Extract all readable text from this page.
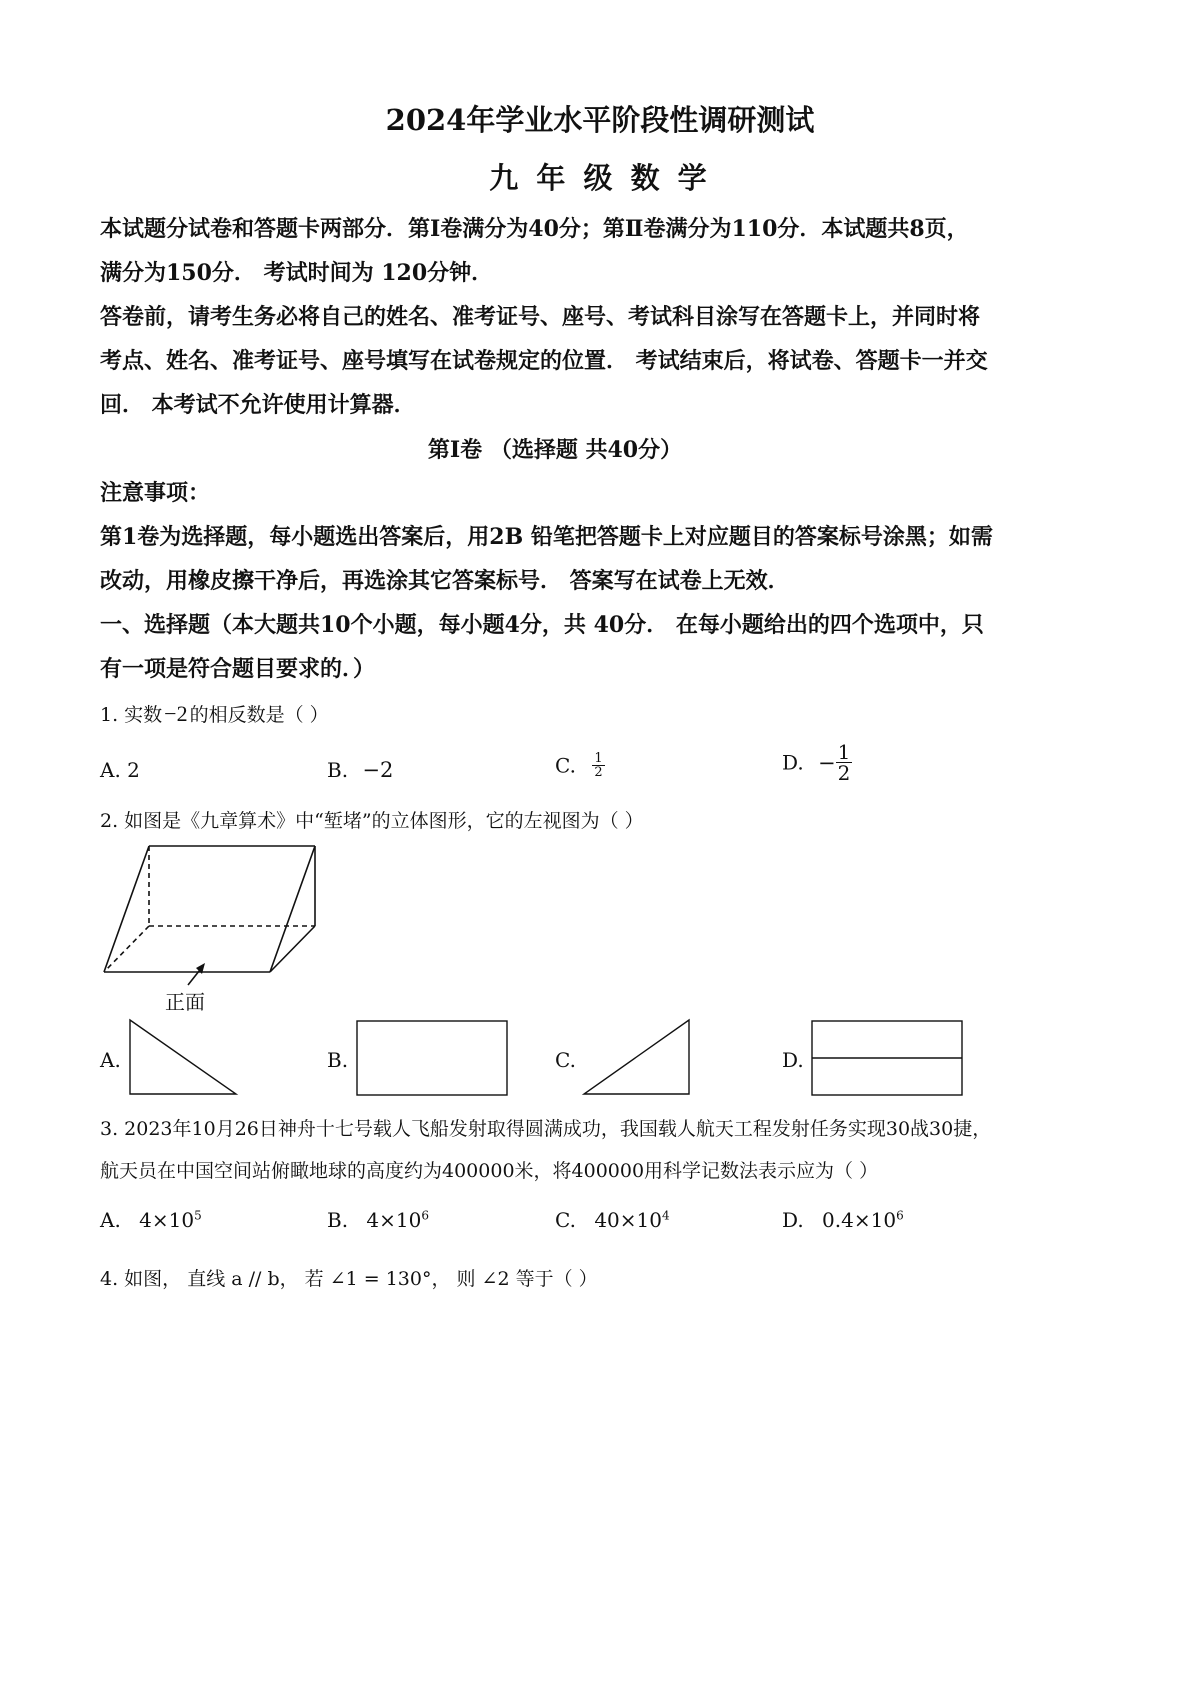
2024年学业水平阶段性调研测试
九 年 级 数 学
本试题分试卷和答题卡两部分．第Ⅰ卷满分为40分；第Ⅱ卷满分为110分．本试题共8页，
满分为150分． 考试时间为 120分钟．
答卷前，请考生务必将自己的姓名、准考证号、座号、考试科目涂写在答题卡上，并同时将
考点、姓名、准考证号、座号填写在试卷规定的位置． 考试结束后，将试卷、答题卡一并交
回． 本考试不允许使用计算器．
第Ⅰ卷 （选择题 共40分）
注意事项：
第1卷为选择题，每小题选出答案后，用2B 铅笔把答题卡上对应题目的答案标号涂黑；如需
改动，用橡皮擦干净后，再选涂其它答案标号． 答案写在试卷上无效．
一、选择题（本大题共10个小题，每小题4分，共 40分． 在每小题给出的四个选项中，只
有一项是符合题目要求的．）
1. 实数−2 的相反数是（ ）
A. 2	B. −2	C. $\frac{1}{2}$	D. − $\frac{1}{2}$
2. 如图是《九章算术》中“堑堵”的立体图形，它的左视图为（ ）
正面
A.	B.	C.	D.
3. 2023年10月26日神舟十七号载人飞船发射取得圆满成功，我国载人航天工程发射任务实现30战30捷，
航天员在中国空间站俯瞰地球的高度约为400000米，将400000用科学记数法表示应为（ ）
A. $4\times 10^5$	B. $4\times 10^6$	C. $40\times 10^4$	D. $0.4\times 10^6$
4. 如图， 直线 a // b， 若 ∠1 = 130°， 则 ∠2 等于（ ）
